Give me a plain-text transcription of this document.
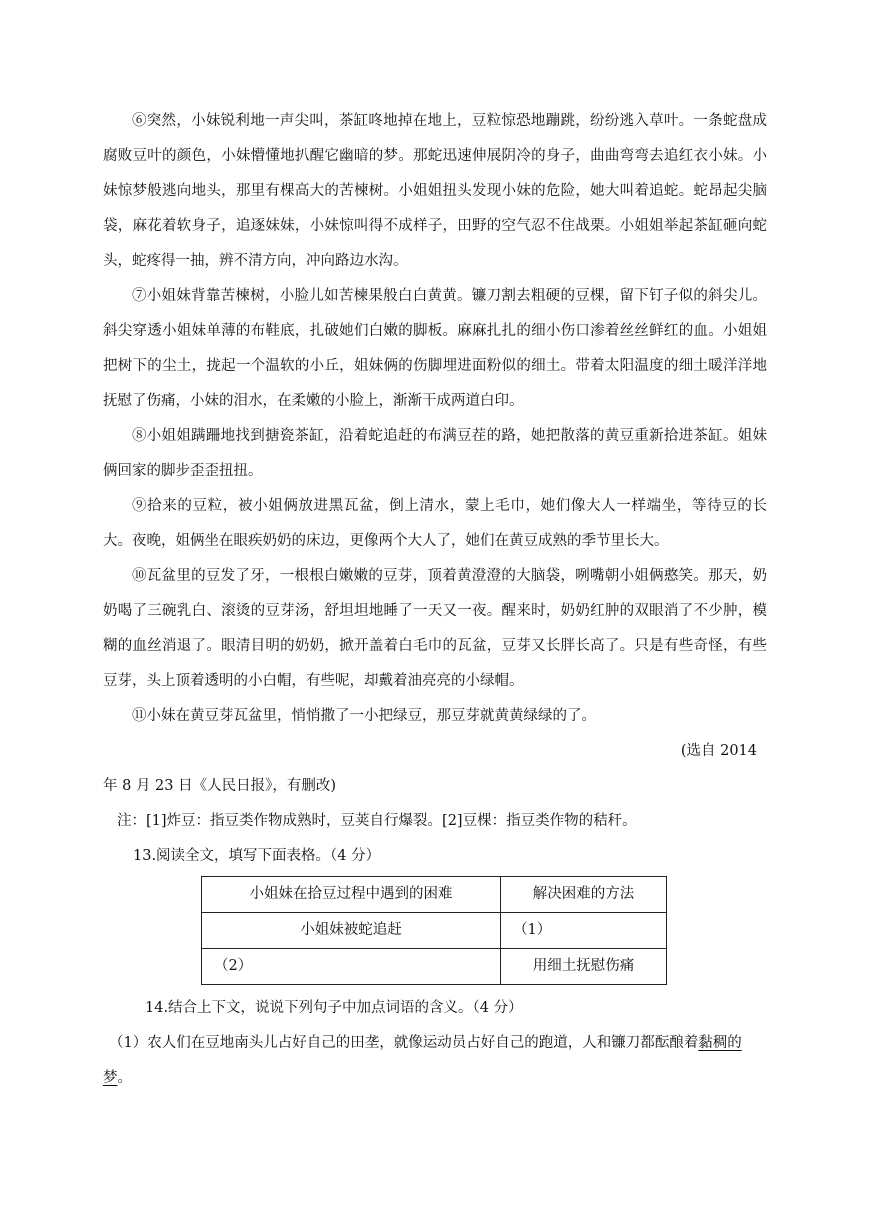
⑥突然，小妹锐利地一声尖叫，茶缸咚地掉在地上，豆粒惊恐地蹦跳，纷纷逃入草叶。一条蛇盘成腐败豆叶的颜色，小妹懵懂地扒醒它幽暗的梦。那蛇迅速伸展阴冷的身子，曲曲弯弯去追红衣小妹。小妹惊梦般逃向地头，那里有棵高大的苦楝树。小姐姐扭头发现小妹的危险，她大叫着追蛇。蛇昂起尖脑袋，麻花着软身子，追逐妹妹，小妹惊叫得不成样子，田野的空气忍不住战栗。小姐姐举起茶缸砸向蛇头，蛇疼得一抽，辨不清方向，冲向路边水沟。

⑦小姐妹背靠苦楝树，小脸儿如苦楝果般白白黄黄。镰刀割去粗硬的豆棵，留下钉子似的斜尖儿。斜尖穿透小姐妹单薄的布鞋底，扎破她们白嫩的脚板。麻麻扎扎的细小伤口渗着丝丝鲜红的血。小姐姐把树下的尘土，拢起一个温软的小丘，姐妹俩的伤脚埋进面粉似的细土。带着太阳温度的细土暖洋洋地抚慰了伤痛，小妹的泪水，在柔嫩的小脸上，渐渐干成两道白印。

⑧小姐姐蹒跚地找到搪瓷茶缸，沿着蛇追赶的布满豆茬的路，她把散落的黄豆重新拾进茶缸。姐妹俩回家的脚步歪歪扭扭。

⑨拾来的豆粒，被小姐俩放进黑瓦盆，倒上清水，蒙上毛巾，她们像大人一样端坐，等待豆的长大。夜晚，姐俩坐在眼疾奶奶的床边，更像两个大人了，她们在黄豆成熟的季节里长大。

⑩瓦盆里的豆发了牙，一根根白嫩嫩的豆芽，顶着黄澄澄的大脑袋，咧嘴朝小姐俩憨笑。那天，奶奶喝了三碗乳白、滚烫的豆芽汤，舒坦坦地睡了一天又一夜。醒来时，奶奶红肿的双眼消了不少肿，模糊的血丝消退了。眼清目明的奶奶，掀开盖着白毛巾的瓦盆，豆芽又长胖长高了。只是有些奇怪，有些豆芽，头上顶着透明的小白帽，有些呢，却戴着油亮亮的小绿帽。

⑪小妹在黄豆芽瓦盆里，悄悄撒了一小把绿豆，那豆芽就黄黄绿绿的了。

(选自 2014
年 8 月 23 日《人民日报》，有删改)

注：[1]炸豆：指豆类作物成熟时，豆荚自行爆裂。[2]豆棵：指豆类作物的秸秆。

13.阅读全文，填写下面表格。（4 分）

小姐妹在拾豆过程中遇到的困难	解决困难的方法
小姐妹被蛇追赶	（1）
（2）	用细土抚慰伤痛

14.结合上下文，说说下列句子中加点词语的含义。（4 分）

（1）农人们在豆地南头儿占好自己的田垄，就像运动员占好自己的跑道，人和镰刀都酝酿着黏稠的梦。
